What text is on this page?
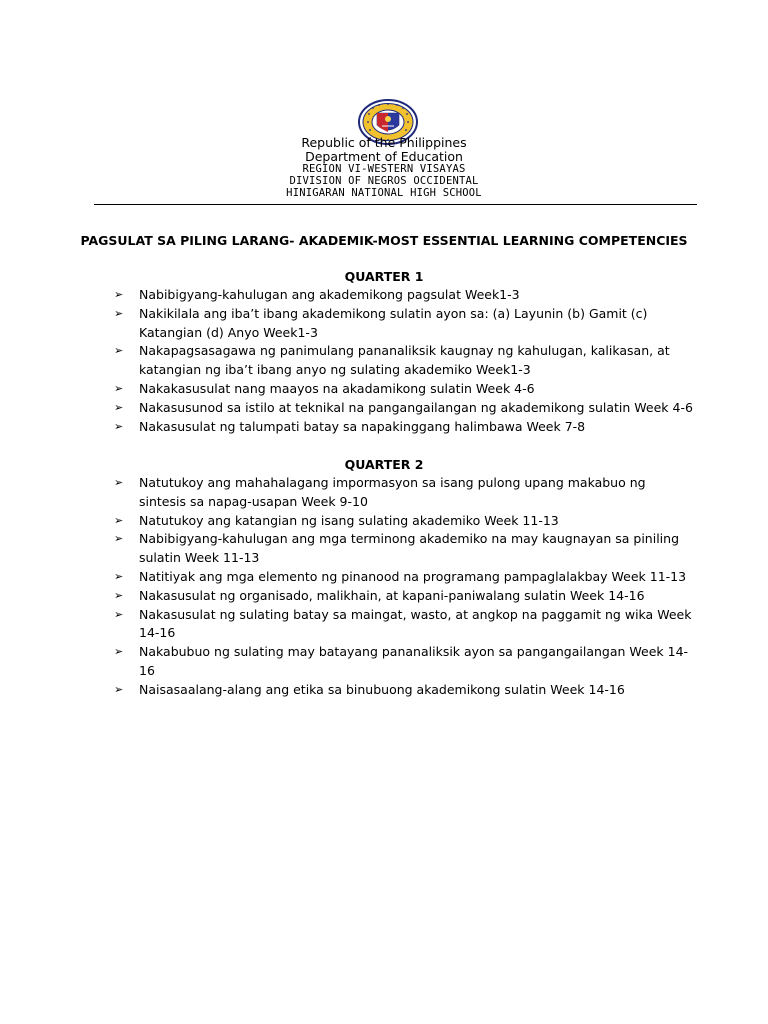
Republic of the Philippines
Department of Education
REGION VI-WESTERN VISAYAS
DIVISION OF NEGROS OCCIDENTAL
HINIGARAN NATIONAL HIGH SCHOOL
PAGSULAT SA PILING LARANG- AKADEMIK-MOST ESSENTIAL LEARNING COMPETENCIES
QUARTER 1
➢ Nabibigyang-kahulugan ang akademikong pagsulat Week1-3
➢ Nakikilala ang iba’t ibang akademikong sulatin ayon sa: (a) Layunin (b) Gamit (c) Katangian (d) Anyo Week1-3
➢ Nakapagsasagawa ng panimulang pananaliksik kaugnay ng kahulugan, kalikasan, at katangian ng iba’t ibang anyo ng sulating akademiko Week1-3
➢ Nakakasusulat nang maayos na akadamikong sulatin Week 4-6
➢ Nakasusunod sa istilo at teknikal na pangangailangan ng akademikong sulatin Week 4-6
➢ Nakasusulat ng talumpati batay sa napakinggang halimbawa Week 7-8
QUARTER 2
➢ Natutukoy ang mahahalagang impormasyon sa isang pulong upang makabuo ng sintesis sa napag-usapan Week 9-10
➢ Natutukoy ang katangian ng isang sulating akademiko Week 11-13
➢ Nabibigyang-kahulugan ang mga terminong akademiko na may kaugnayan sa piniling sulatin Week 11-13
➢ Natitiyak ang mga elemento ng pinanood na programang pampaglalakbay Week 11-13
➢ Nakasusulat ng organisado, malikhain, at kapani-paniwalang sulatin Week 14-16
➢ Nakasusulat ng sulating batay sa maingat, wasto, at angkop na paggamit ng wika Week 14-16
➢ Nakabubuo ng sulating may batayang pananaliksik ayon sa pangangailangan Week 14-16
➢ Naisasaalang-alang ang etika sa binubuong akademikong sulatin Week 14-16
